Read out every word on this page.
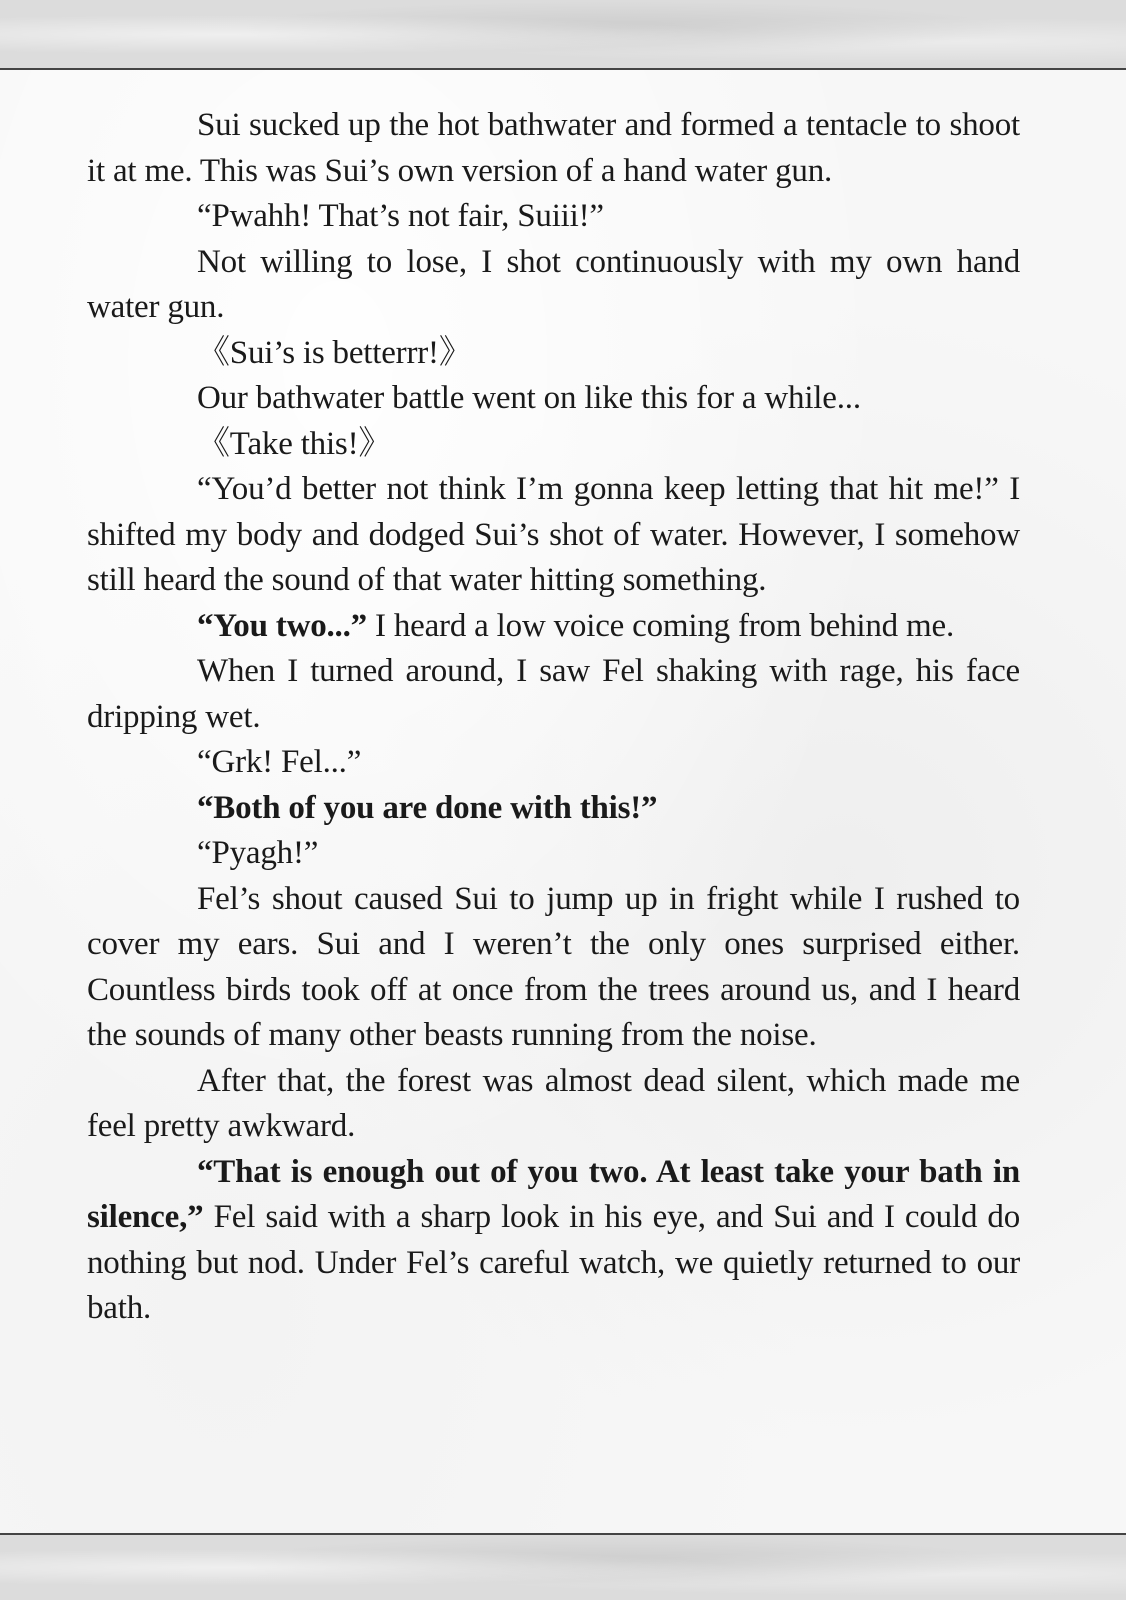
Sui sucked up the hot bathwater and formed a tentacle to shoot it at me. This was Sui’s own version of a hand water gun.

“Pwahh! That’s not fair, Suiii!”

Not willing to lose, I shot continuously with my own hand water gun.

《Sui’s is betterrr!》

Our bathwater battle went on like this for a while...

《Take this!》

“You’d better not think I’m gonna keep letting that hit me!” I shifted my body and dodged Sui’s shot of water. However, I somehow still heard the sound of that water hitting something.

“You two...” I heard a low voice coming from behind me.

When I turned around, I saw Fel shaking with rage, his face dripping wet.

“Grk! Fel...”

“Both of you are done with this!”

“Pyagh!”

Fel’s shout caused Sui to jump up in fright while I rushed to cover my ears. Sui and I weren’t the only ones surprised either. Countless birds took off at once from the trees around us, and I heard the sounds of many other beasts running from the noise.

After that, the forest was almost dead silent, which made me feel pretty awkward.

“That is enough out of you two. At least take your bath in silence,” Fel said with a sharp look in his eye, and Sui and I could do nothing but nod. Under Fel’s careful watch, we quietly returned to our bath.
